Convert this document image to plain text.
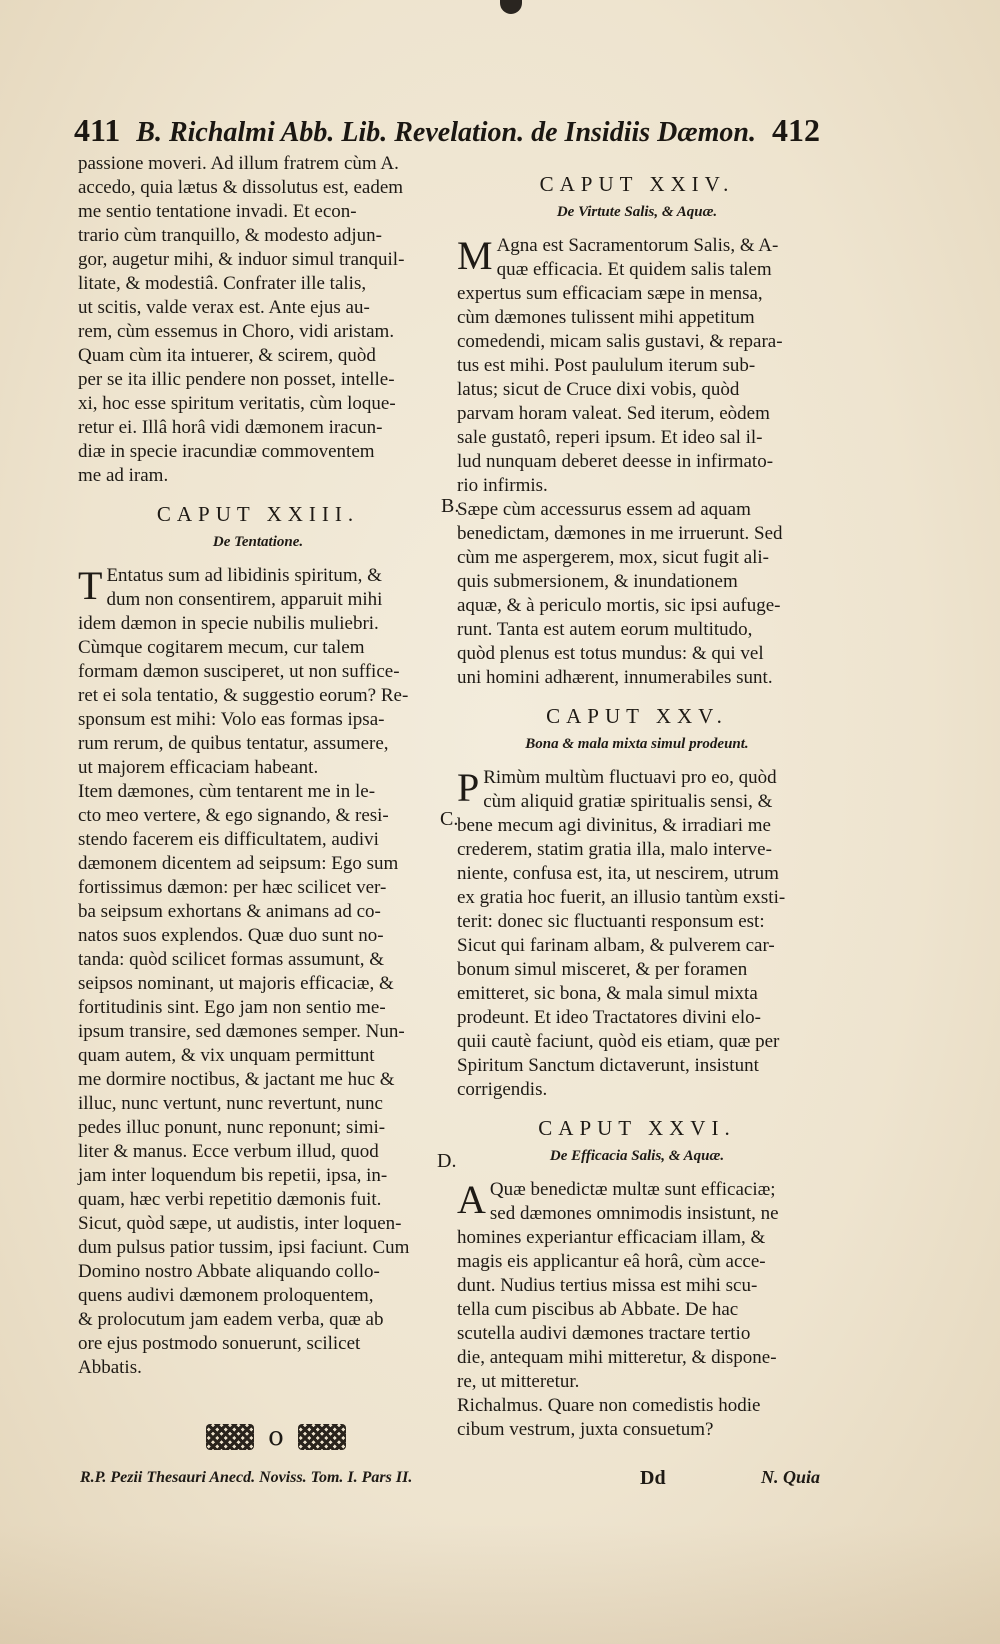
411 B. Richalmi Abb. Lib. Revelation. de Insidiis Dæmon. 412
passione moveri. Ad illum fratrem cùm A.
accedo, quia lætus & dissolutus est, eadem
me sentio tentatione invadi. Et econ-
trario cùm tranquillo, & modesto adjun-
gor, augetur mihi, & induor simul tranquil-
litate, & modestiâ. Confrater ille talis,
ut scitis, valde verax est. Ante ejus au-
rem, cùm essemus in Choro, vidi aristam.
Quam cùm ita intuerer, & scirem, quòd
per se ita illic pendere non posset, intelle-
xi, hoc esse spiritum veritatis, cùm loque-
retur ei. Illâ horâ vidi dæmonem iracun-
diæ in specie iracundiæ commoventem
me ad iram.
CAPUT XXIII.
De Tentatione.
T Entatus sum ad libidinis spiritum, &
dum non consentirem, apparuit mihi
idem dæmon in specie nubilis muliebri.
Cùmque cogitarem mecum, cur talem
formam dæmon susciperet, ut non suffice-
ret ei sola tentatio, & suggestio eorum? Re-
sponsum est mihi: Volo eas formas ipsa-
rum rerum, de quibus tentatur, assumere,
ut majorem efficaciam habeant.
Item dæmones, cùm tentarent me in le-
cto meo vertere, & ego signando, & resi-
stendo facerem eis difficultatem, audivi
dæmonem dicentem ad seipsum: Ego sum
fortissimus dæmon: per hæc scilicet ver-
ba seipsum exhortans & animans ad co-
natos suos explendos. Quæ duo sunt no-
tanda: quòd scilicet formas assumunt, &
seipsos nominant, ut majoris efficaciæ, &
fortitudinis sint. Ego jam non sentio me-
ipsum transire, sed dæmones semper. Nun-
quam autem, & vix unquam permittunt
me dormire noctibus, & jactant me huc &
illuc, nunc vertunt, nunc revertunt, nunc
pedes illuc ponunt, nunc reponunt; simi-
liter & manus. Ecce verbum illud, quod
jam inter loquendum bis repetii, ipsa, in-
quam, hæc verbi repetitio dæmonis fuit.
Sicut, quòd sæpe, ut audistis, inter loquen-
dum pulsus patior tussim, ipsi faciunt. Cum
Domino nostro Abbate aliquando collo-
quens audivi dæmonem proloquentem,
& prolocutum jam eadem verba, quæ ab
ore ejus postmodo sonuerunt, scilicet
Abbatis.
CAPUT XXIV.
De Virtute Salis, & Aquæ.
M Agna est Sacramentorum Salis, & A-
quæ efficacia. Et quidem salis talem
expertus sum efficaciam sæpe in mensa,
cùm dæmones tulissent mihi appetitum
comedendi, micam salis gustavi, & repara-
tus est mihi. Post paululum iterum sub-
latus; sicut de Cruce dixi vobis, quòd
parvam horam valeat. Sed iterum, eòdem
sale gustatô, reperi ipsum. Et ideo sal il-
lud nunquam deberet deesse in infirmato-
rio infirmis.
Sæpe cùm accessurus essem ad aquam
benedictam, dæmones in me irruerunt. Sed
cùm me aspergerem, mox, sicut fugit ali-
quis submersionem, & inundationem
aquæ, & à periculo mortis, sic ipsi aufuge-
runt. Tanta est autem eorum multitudo,
quòd plenus est totus mundus: & qui vel
uni homini adhærent, innumerabiles sunt.
CAPUT XXV.
Bona & mala mixta simul prodeunt.
P Rimùm multùm fluctuavi pro eo, quòd
cùm aliquid gratiæ spiritualis sensi, &
bene mecum agi divinitus, & irradiari me
crederem, statim gratia illa, malo interve-
niente, confusa est, ita, ut nescirem, utrum
ex gratia hoc fuerit, an illusio tantùm exsti-
terit: donec sic fluctuanti responsum est:
Sicut qui farinam albam, & pulverem car-
bonum simul misceret, & per foramen
emitteret, sic bona, & mala simul mixta
prodeunt. Et ideo Tractatores divini elo-
quii cautè faciunt, quòd eis etiam, quæ per
Spiritum Sanctum dictaverunt, insistunt
corrigendis.
CAPUT XXVI.
De Efficacia Salis, & Aquæ.
A Quæ benedictæ multæ sunt efficaciæ;
sed dæmones omnimodis insistunt, ne
homines experiantur efficaciam illam, &
magis eis applicantur eâ horâ, cùm acce-
dunt. Nudius tertius missa est mihi scu-
tella cum piscibus ab Abbate. De hac
scutella audivi dæmones tractare tertio
die, antequam mihi mitteretur, & dispone-
re, ut mitteretur.
Richalmus. Quare non comedistis hodie
cibum vestrum, juxta consuetum?
B.
C.
D.
o
R.P. Pezii Thesauri Anecd. Noviss. Tom. I. Pars II.	Dd	N. Quia
